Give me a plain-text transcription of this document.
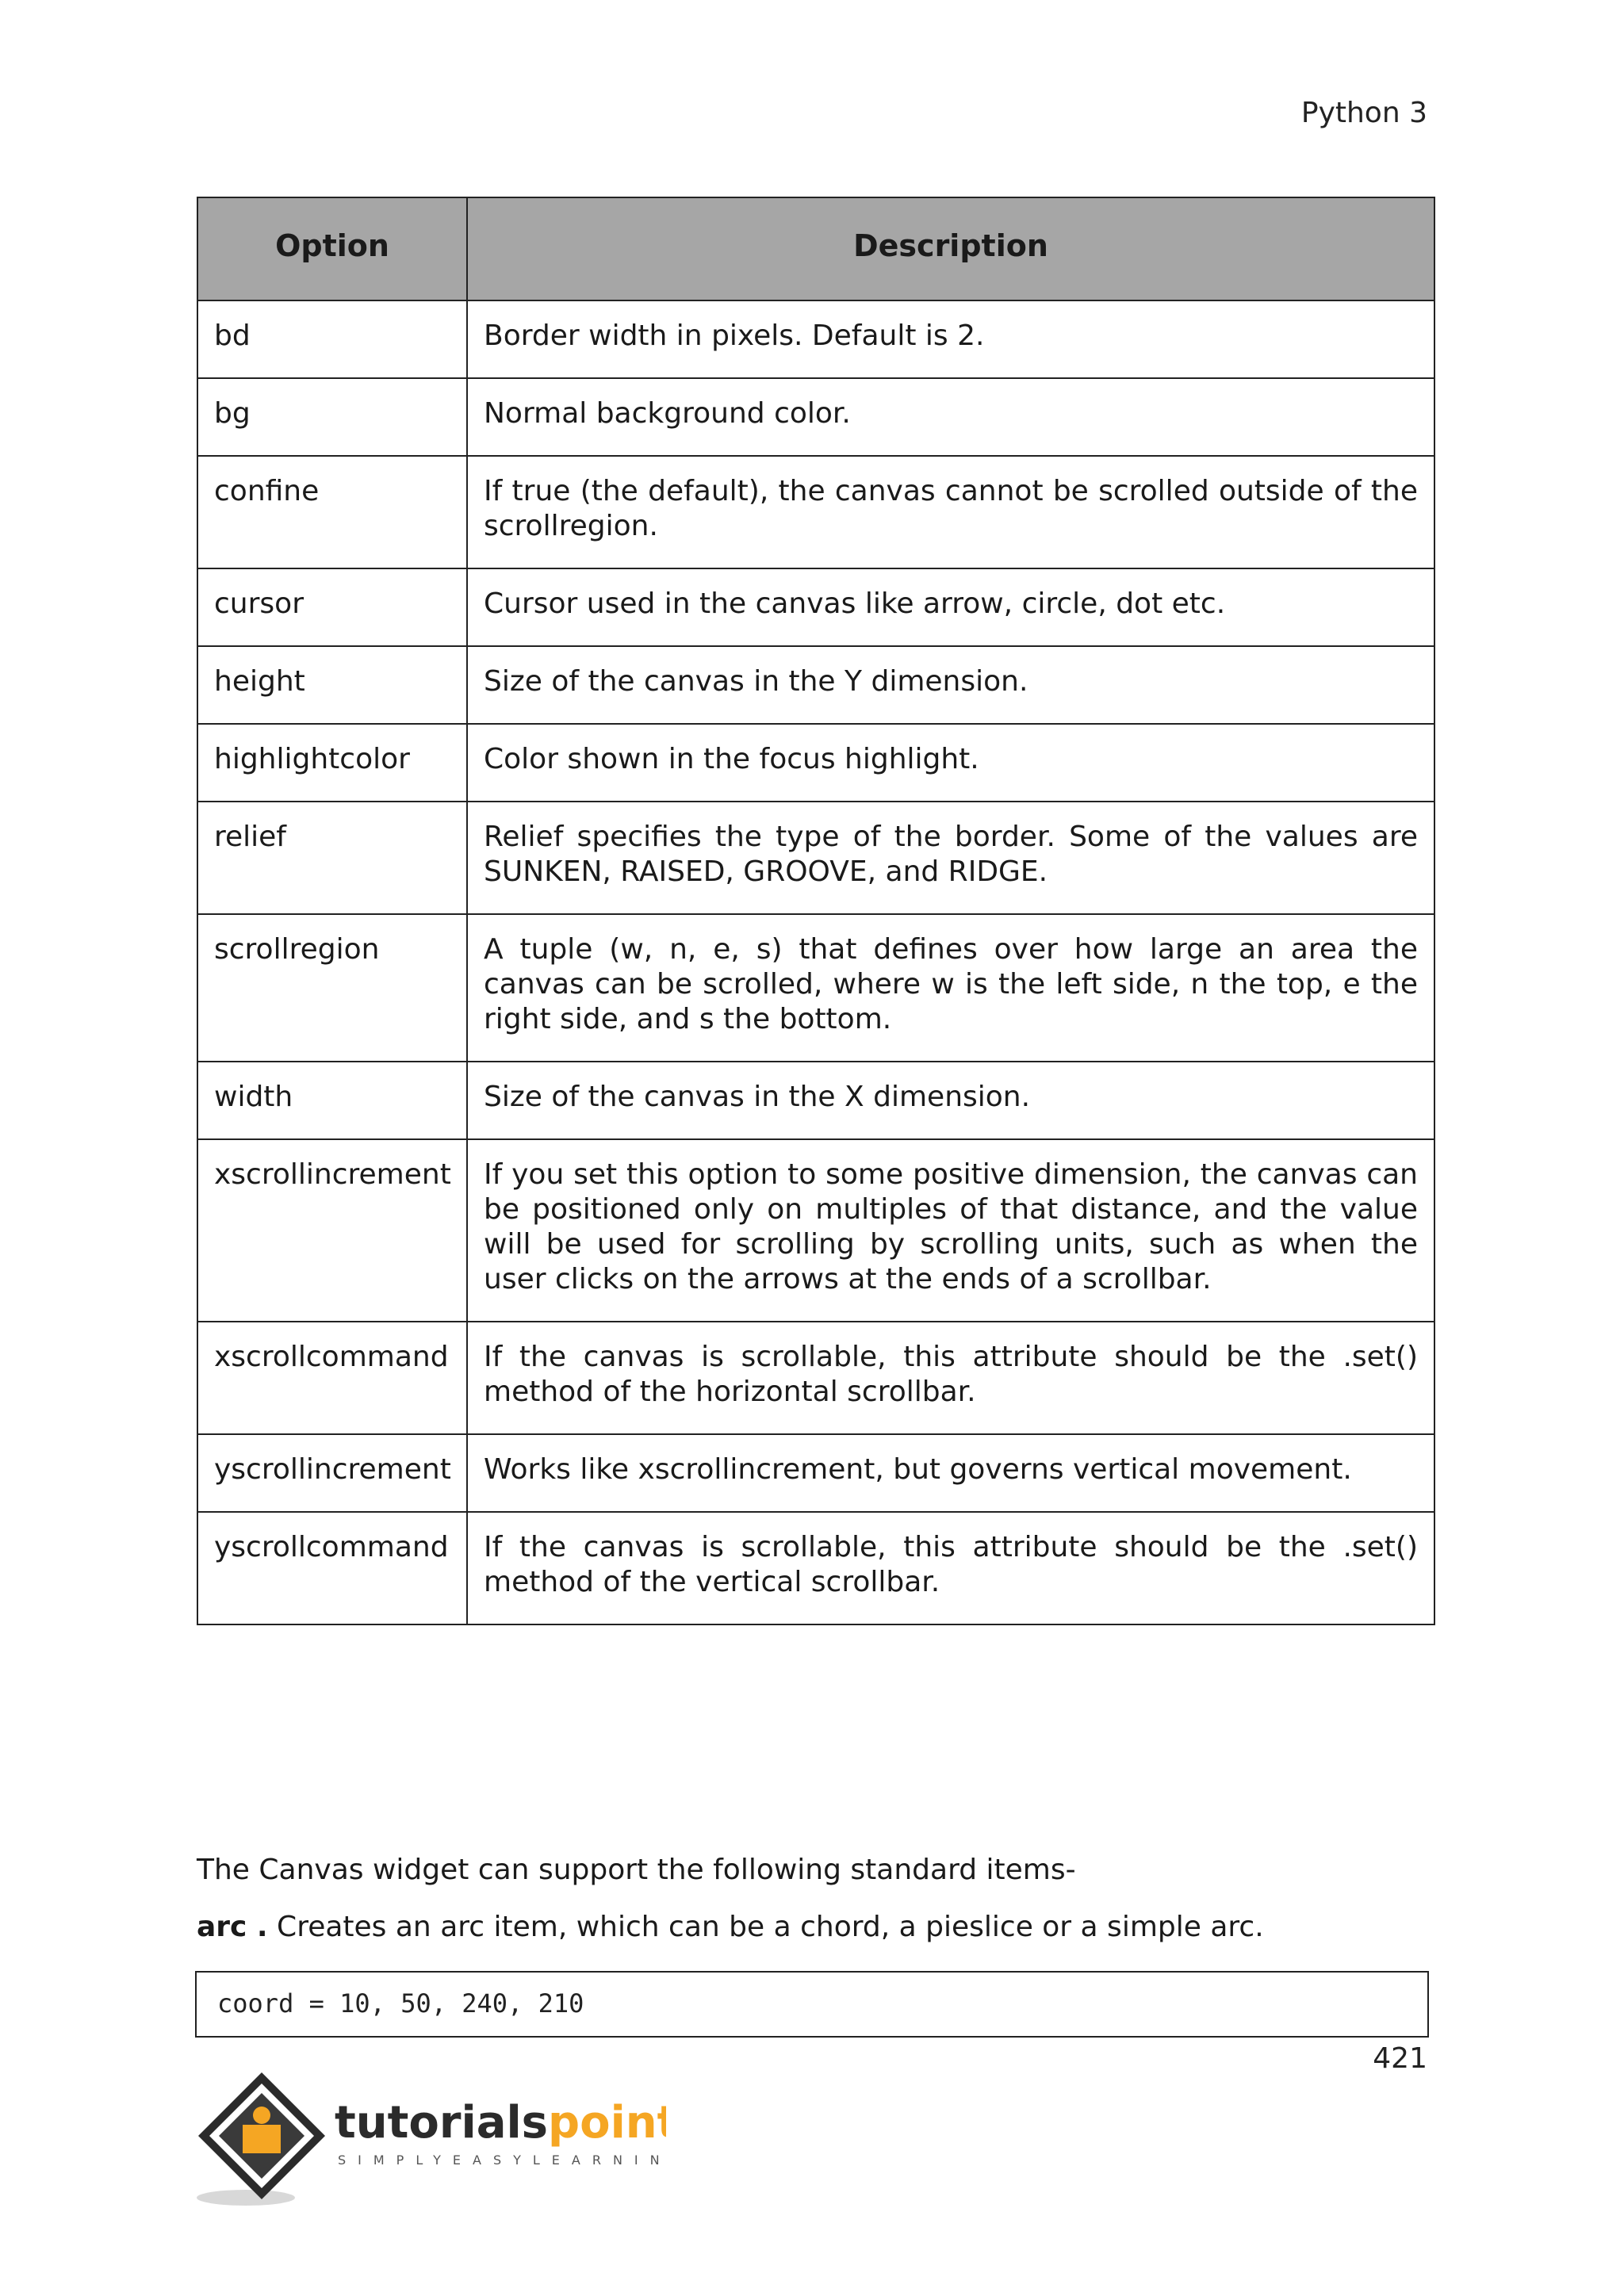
Python 3
Option	Description
bd	Border width in pixels. Default is 2.
bg	Normal background color.
confine	If true (the default), the canvas cannot be scrolled outside of the scrollregion.
cursor	Cursor used in the canvas like arrow, circle, dot etc.
height	Size of the canvas in the Y dimension.
highlightcolor	Color shown in the focus highlight.
relief	Relief specifies the type of the border. Some of the values are SUNKEN, RAISED, GROOVE, and RIDGE.
scrollregion	A tuple (w, n, e, s) that defines over how large an area the canvas can be scrolled, where w is the left side, n the top, e the right side, and s the bottom.
width	Size of the canvas in the X dimension.
xscrollincrement	If you set this option to some positive dimension, the canvas can be positioned only on multiples of that distance, and the value will be used for scrolling by scrolling units, such as when the user clicks on the arrows at the ends of a scrollbar.
xscrollcommand	If the canvas is scrollable, this attribute should be the .set() method of the horizontal scrollbar.
yscrollincrement	Works like xscrollincrement, but governs vertical movement.
yscrollcommand	If the canvas is scrollable, this attribute should be the .set() method of the vertical scrollbar.
The Canvas widget can support the following standard items-
arc . Creates an arc item, which can be a chord, a pieslice or a simple arc.
coord = 10, 50, 240, 210
421
tutorialspoint
SIMPLYEASYLEARNING
